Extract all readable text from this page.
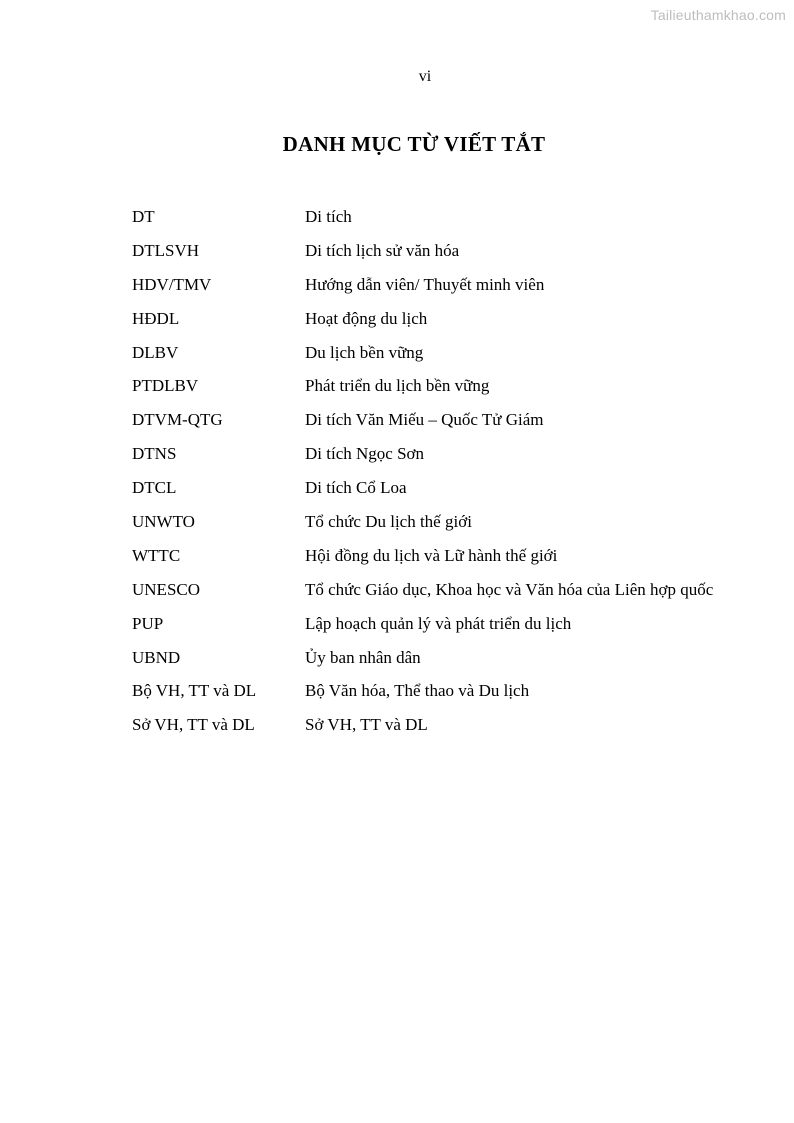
Tailieuthamkhao.com
vi
DANH MỤC TỪ VIẾT TẮT
DT	Di tích
DTLSVH	Di tích lịch sử văn hóa
HDV/TMV	Hướng dẫn viên/ Thuyết minh viên
HĐDL	Hoạt động du lịch
DLBV	Du lịch bền vững
PTDLBV	Phát triển du lịch bền vững
DTVM-QTG	Di tích Văn Miếu – Quốc Tử Giám
DTNS	Di tích Ngọc Sơn
DTCL	Di tích Cổ Loa
UNWTO	Tổ chức Du lịch thế giới
WTTC	Hội đồng du lịch và Lữ hành thế giới
UNESCO	Tổ chức Giáo dục, Khoa học và Văn hóa của Liên hợp quốc
PUP	Lập hoạch quản lý và phát triển du lịch
UBND	Ủy ban nhân dân
Bộ VH, TT và DL	Bộ Văn hóa, Thể thao và Du lịch
Sở VH, TT và DL	Sở VH, TT và DL
